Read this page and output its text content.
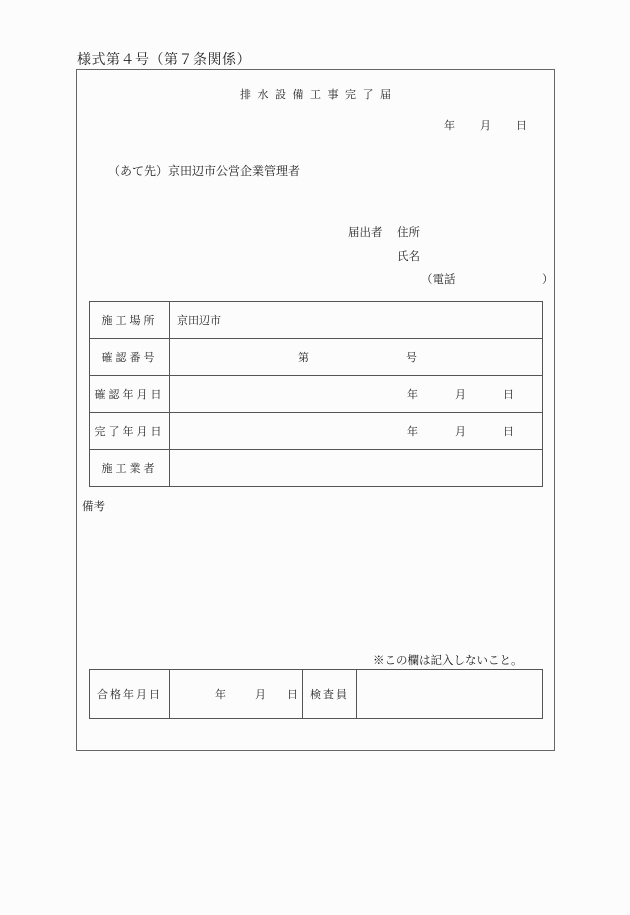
様式第４号（第７条関係）
排水設備工事完了届
年 月 日
（あて先）京田辺市公営企業管理者
届出者 住所
氏名
（電話	）
施工場所	京田辺市

確認番号	第 号

確認年月日	年 月 日

完了年月日	年 月 日

施工業者	
備考
※この欄は記入しないこと。
合格年月日	年	月 日	検査員	
